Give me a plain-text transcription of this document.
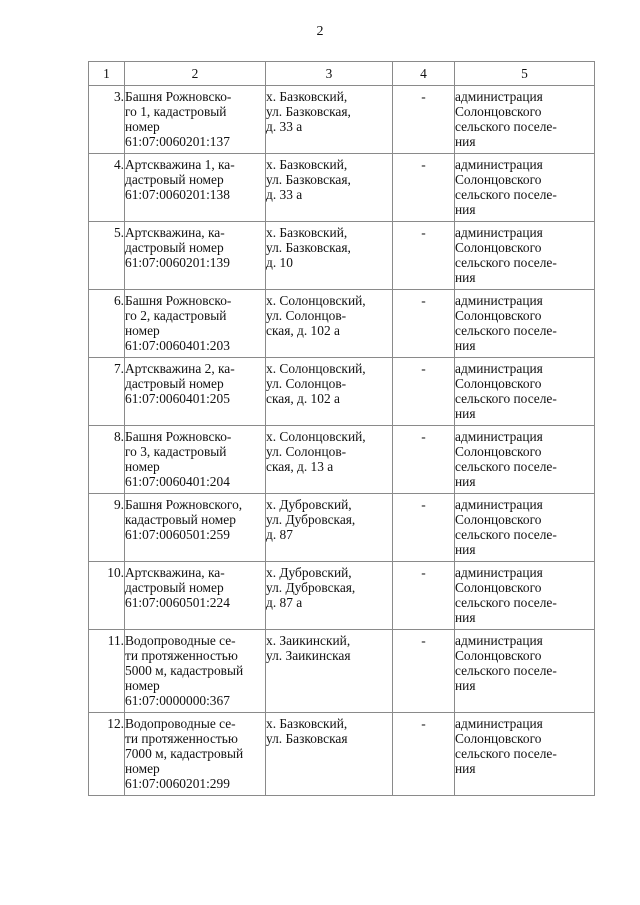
2
1	2	3	4	5
3.	Башня Рожновско-
го 1, кадастровый
номер
61:07:0060201:137	х. Базковский,
ул. Базковская,
д. 33 а	-	администрация
Солонцовского
сельского поселе-
ния

4.	Артскважина 1, ка-
дастровый номер
61:07:0060201:138	х. Базковский,
ул. Базковская,
д. 33 а	-	администрация
Солонцовского
сельского поселе-
ния

5.	Артскважина, ка-
дастровый номер
61:07:0060201:139	х. Базковский,
ул. Базковская,
д. 10	-	администрация
Солонцовского
сельского поселе-
ния

6.	Башня Рожновско-
го 2, кадастровый
номер
61:07:0060401:203	х. Солонцовский,
ул. Солонцов-
ская, д. 102 а	-	администрация
Солонцовского
сельского поселе-
ния

7.	Артскважина 2, ка-
дастровый номер
61:07:0060401:205	х. Солонцовский,
ул. Солонцов-
ская, д. 102 а	-	администрация
Солонцовского
сельского поселе-
ния

8.	Башня Рожновско-
го 3, кадастровый
номер
61:07:0060401:204	х. Солонцовский,
ул. Солонцов-
ская, д. 13 а	-	администрация
Солонцовского
сельского поселе-
ния

9.	Башня Рожновского,
кадастровый номер
61:07:0060501:259	х. Дубровский,
ул. Дубровская,
д. 87	-	администрация
Солонцовского
сельского поселе-
ния

10.	Артскважина, ка-
дастровый номер
61:07:0060501:224	х. Дубровский,
ул. Дубровская,
д. 87 а	-	администрация
Солонцовского
сельского поселе-
ния

11.	Водопроводные се-
ти протяженностью
5000 м, кадастровый
номер
61:07:0000000:367	х. Заикинский,
ул. Заикинская	-	администрация
Солонцовского
сельского поселе-
ния

12.	Водопроводные се-
ти протяженностью
7000 м, кадастровый
номер
61:07:0060201:299	х. Базковский,
ул. Базковская	-	администрация
Солонцовского
сельского поселе-
ния
